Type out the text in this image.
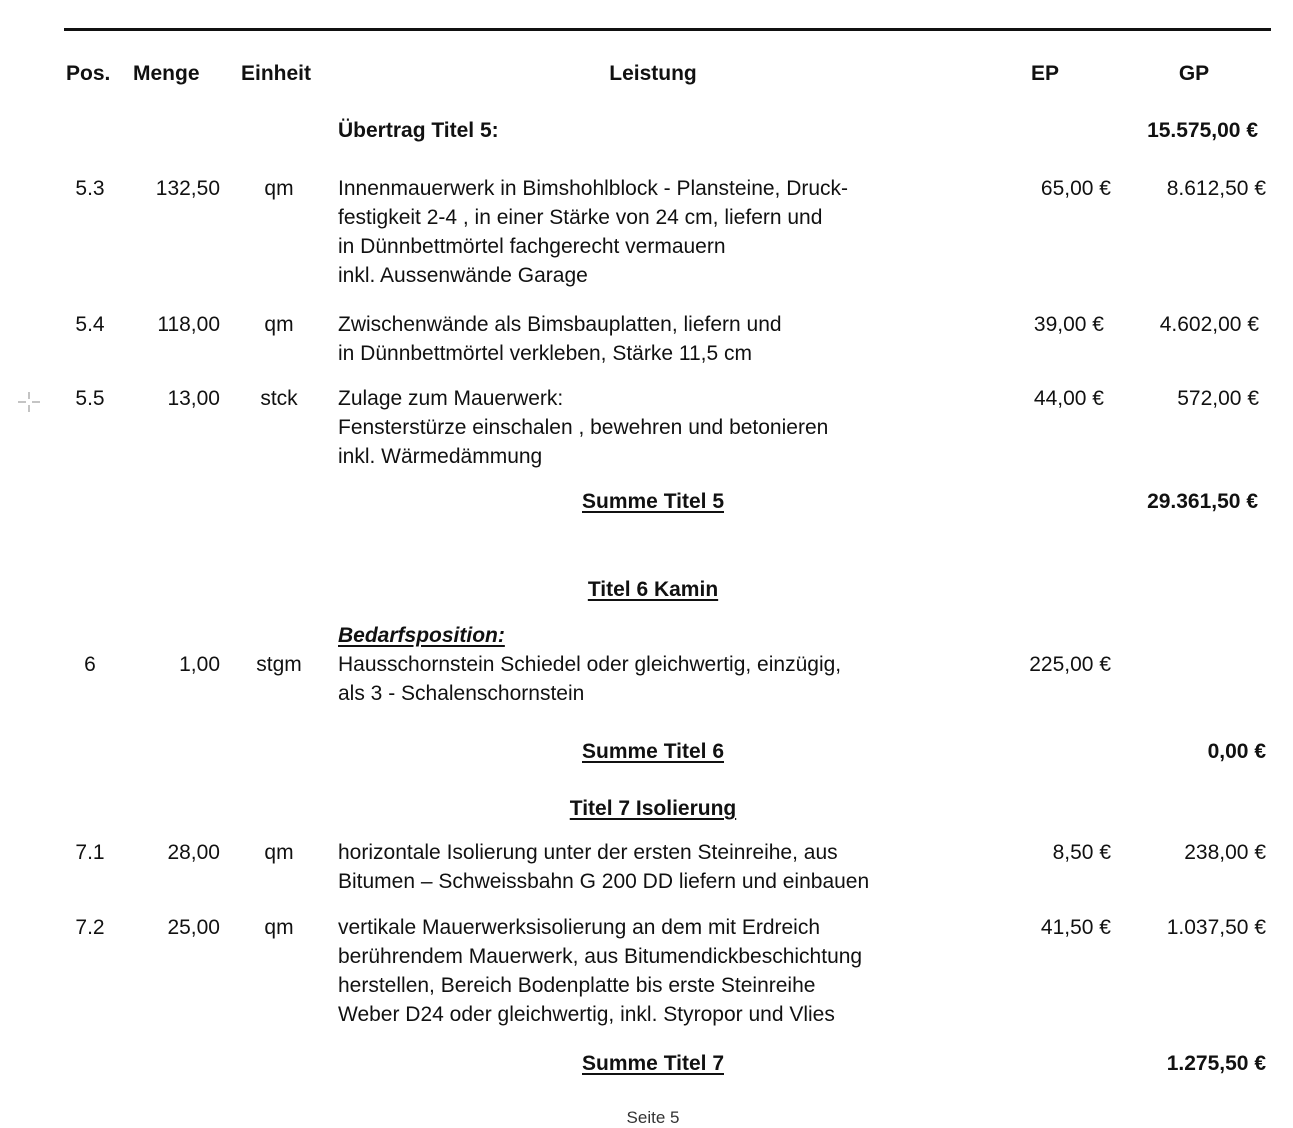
Pos. Menge Einheit	Leistung	EP	GP
Übertrag Titel 5:	15.575,00 €
5.3	132,50	qm	Innenmauerwerk in Bimshohlblock - Plansteine, Druck-
festigkeit 2-4 , in einer Stärke von 24 cm, liefern und
in Dünnbettmörtel fachgerecht vermauern
inkl. Aussenwände Garage
65,00 €	8.612,50 €
5.4	118,00	qm	Zwischenwände als Bimsbauplatten, liefern und
in Dünnbettmörtel verkleben, Stärke 11,5 cm
39,00 €	4.602,00 €
5.5	13,00	stck	Zulage zum Mauerwerk:
Fensterstürze einschalen , bewehren und betonieren
inkl. Wärmedämmung
44,00 €	572,00 €
Summe Titel 5	29.361,50 €
Titel 6 Kamin
Bedarfsposition:
6	1,00	stgm	Hausschornstein Schiedel oder gleichwertig, einzügig,
als 3 - Schalenschornstein
225,00 €
Summe Titel 6	0,00 €
Titel 7 Isolierung
7.1	28,00	qm	horizontale Isolierung unter der ersten Steinreihe, aus
Bitumen – Schweissbahn G 200 DD liefern und einbauen
8,50 €	238,00 €
7.2	25,00	qm	vertikale Mauerwerksisolierung an dem mit Erdreich
berührendem Mauerwerk, aus Bitumendickbeschichtung
herstellen, Bereich Bodenplatte bis erste Steinreihe
Weber D24 oder gleichwertig, inkl. Styropor und Vlies
41,50 €	1.037,50 €
Summe Titel 7	1.275,50 €
Seite 5
